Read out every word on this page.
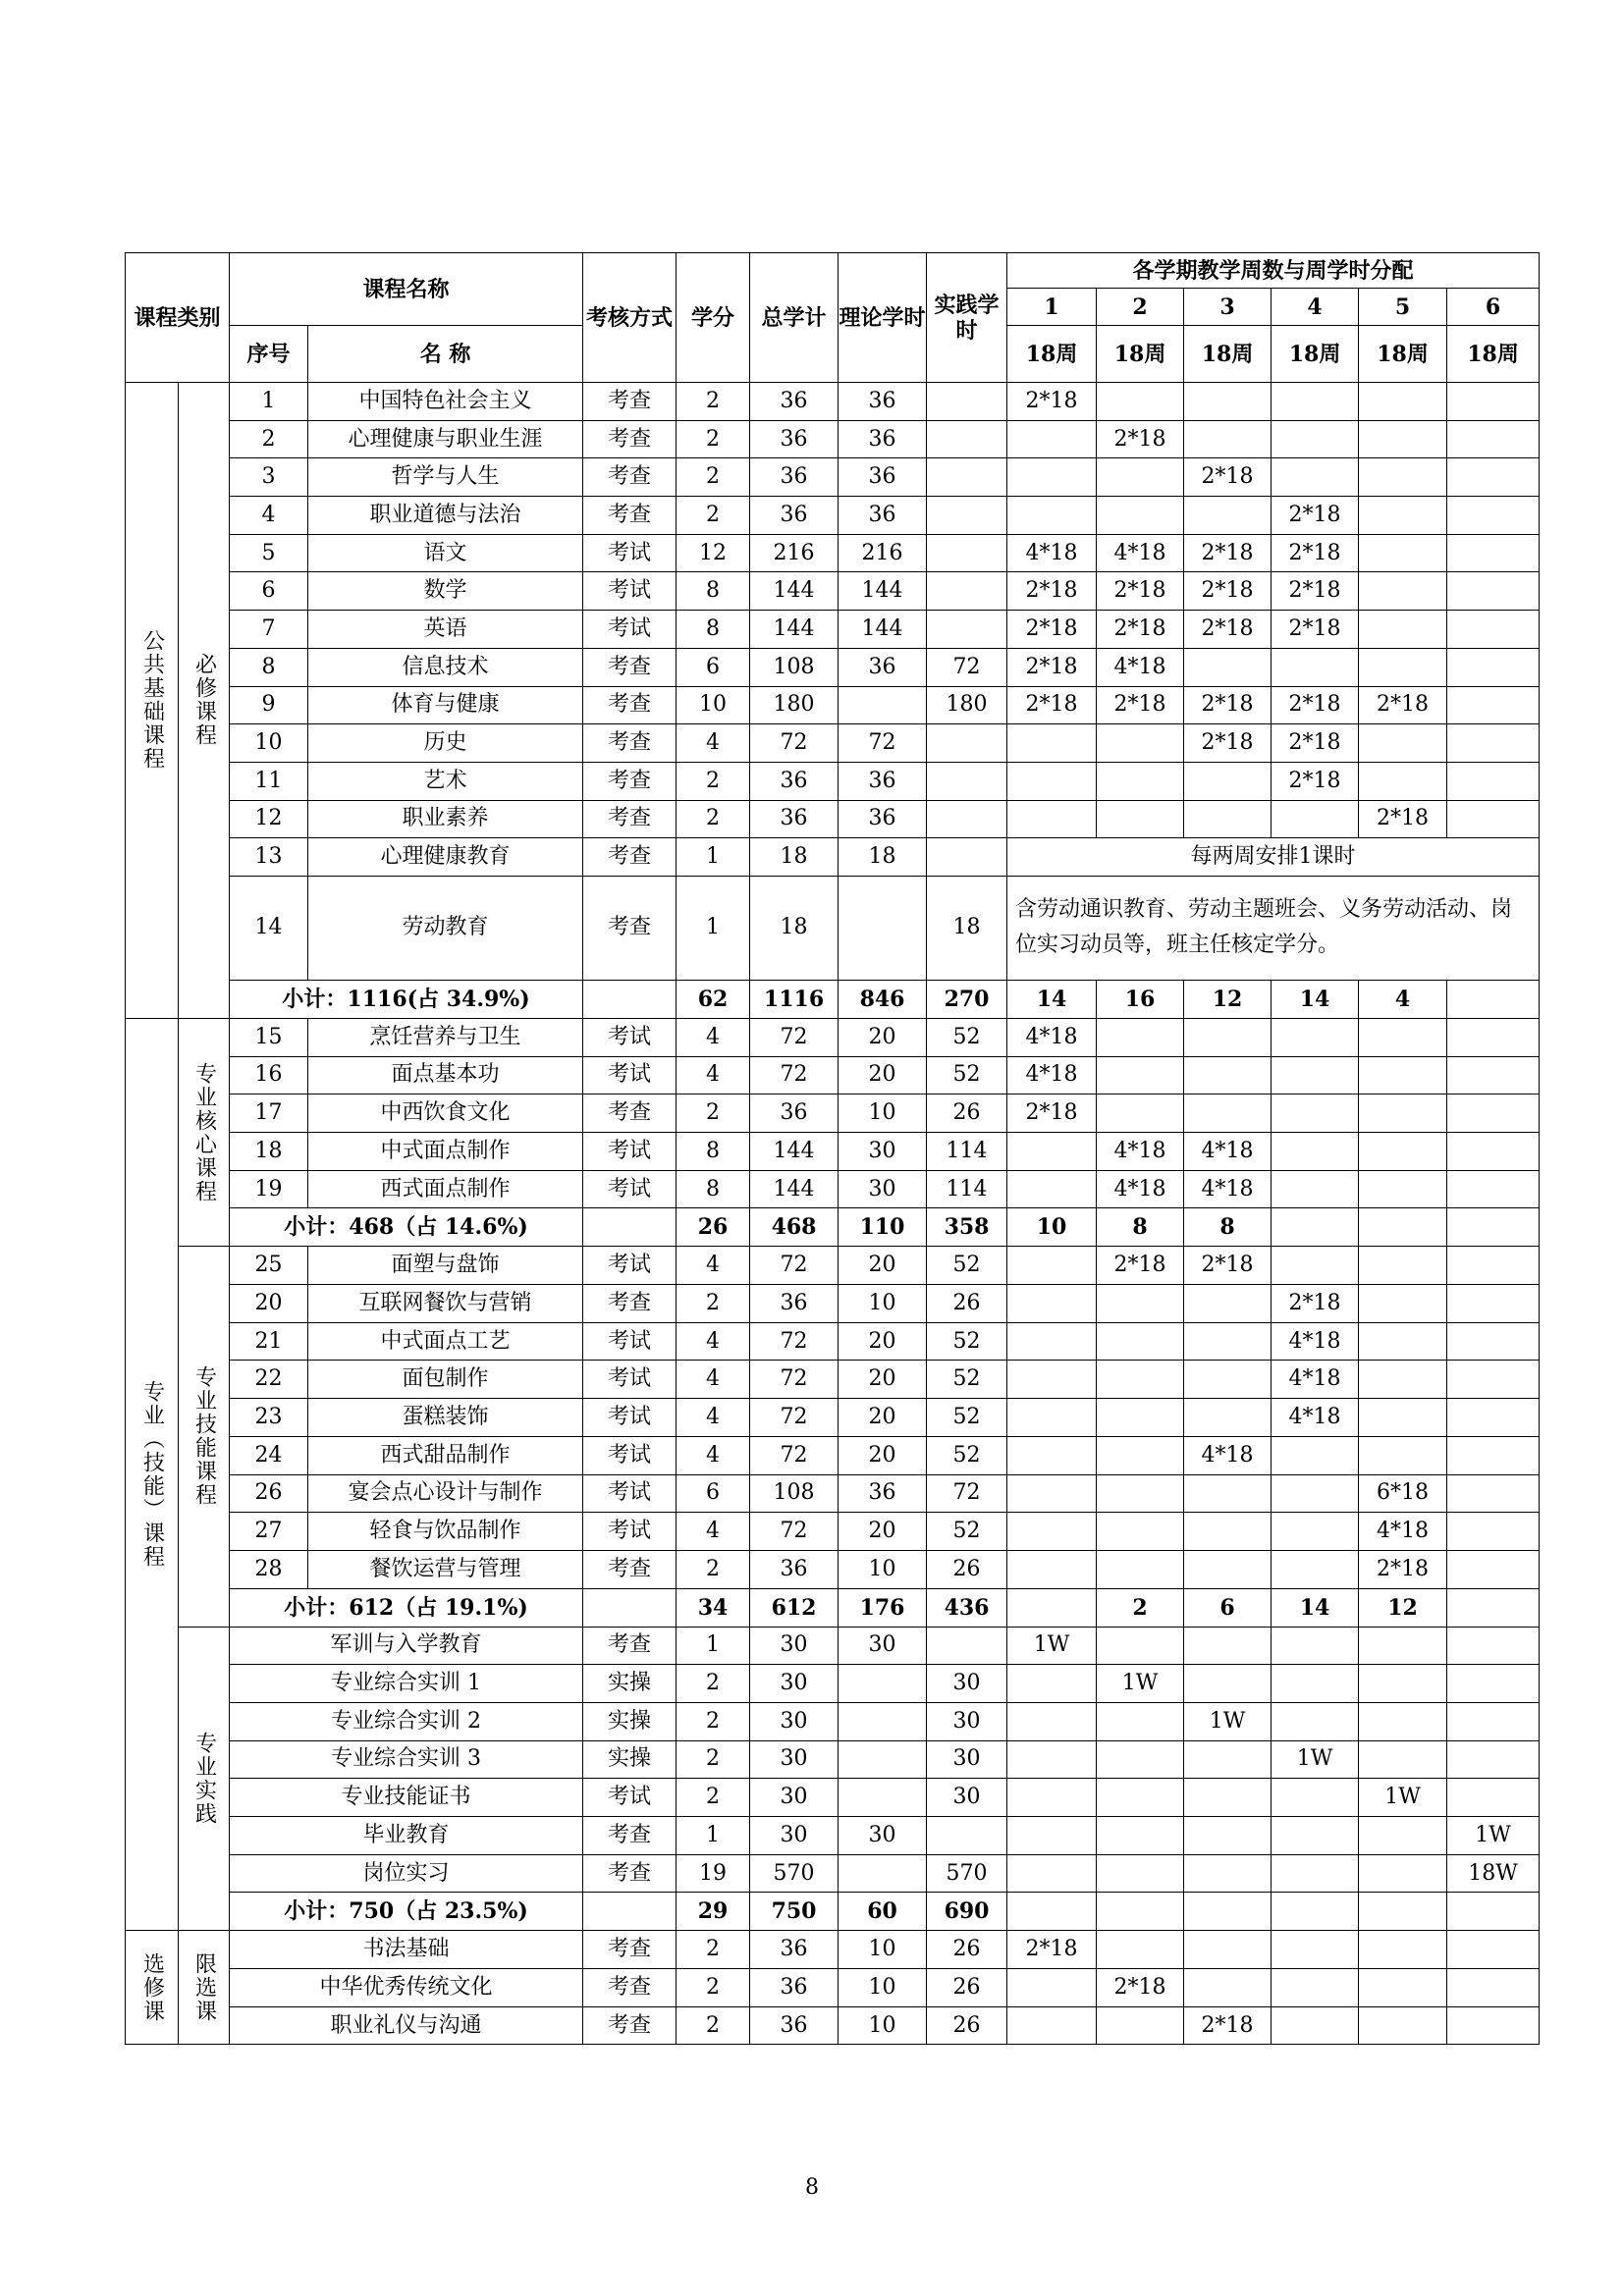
课程类别		课程名称		考核方式	学分	总学计	理论学时	实践学时	各学期教学周数与周学时分配					
									1	2	3	4	5	6
		序号	名 称						18周	18周	18周	18周	18周	18周
公共基础课程	必修课程	1	中国特色社会主义	考查	2	36	36		2*18					
		2	心理健康与职业生涯	考查	2	36	36			2*18				
		3	哲学与人生	考查	2	36	36				2*18			
		4	职业道德与法治	考查	2	36	36					2*18		
		5	语文	考试	12	216	216		4*18	4*18	2*18	2*18		
		6	数学	考试	8	144	144		2*18	2*18	2*18	2*18		
		7	英语	考试	8	144	144		2*18	2*18	2*18	2*18		
		8	信息技术	考查	6	108	36	72	2*18	4*18				
		9	体育与健康	考查	10	180		180	2*18	2*18	2*18	2*18	2*18	
		10	历史	考查	4	72	72				2*18	2*18		
		11	艺术	考查	2	36	36					2*18		
		12	职业素养	考查	2	36	36						2*18	
		13	心理健康教育	考查	1	18	18		每两周安排1课时					
		14	劳动教育	考查	1	18		18	含劳动通识教育、劳动主题班会、义务劳动活动、岗位实习动员等，班主任核定学分。					
		小计：1116(占 34.9%)			62	1116	846	270	14	16	12	14	4	
专业（技能）课程	专业核心课程	15	烹饪营养与卫生	考试	4	72	20	52	4*18					
		16	面点基本功	考试	4	72	20	52	4*18					
		17	中西饮食文化	考查	2	36	10	26	2*18					
		18	中式面点制作	考试	8	144	30	114		4*18	4*18			
		19	西式面点制作	考试	8	144	30	114		4*18	4*18			
		小计：468（占 14.6%)			26	468	110	358	10	8	8			
	专业技能课程	25	面塑与盘饰	考试	4	72	20	52		2*18	2*18			
		20	互联网餐饮与营销	考查	2	36	10	26				2*18		
		21	中式面点工艺	考试	4	72	20	52				4*18		
		22	面包制作	考试	4	72	20	52				4*18		
		23	蛋糕装饰	考试	4	72	20	52				4*18		
		24	西式甜品制作	考试	4	72	20	52			4*18			
		26	宴会点心设计与制作	考试	6	108	36	72					6*18	
		27	轻食与饮品制作	考试	4	72	20	52					4*18	
		28	餐饮运营与管理	考查	2	36	10	26					2*18	
		小计：612（占 19.1%)			34	612	176	436		2	6	14	12	
	专业实践	军训与入学教育		考查	1	30	30		1W					
		专业综合实训 1		实操	2	30		30		1W				
		专业综合实训 2		实操	2	30		30			1W			
		专业综合实训 3		实操	2	30		30				1W		
		专业技能证书		考试	2	30		30					1W	
		毕业教育		考查	1	30	30							1W
		岗位实习		考查	19	570		570						18W
		小计：750（占 23.5%)			29	750	60	690						
选修课	限选课	书法基础		考查	2	36	10	26	2*18					
		中华优秀传统文化		考查	2	36	10	26		2*18				
		职业礼仪与沟通		考查	2	36	10	26			2*18			
8
